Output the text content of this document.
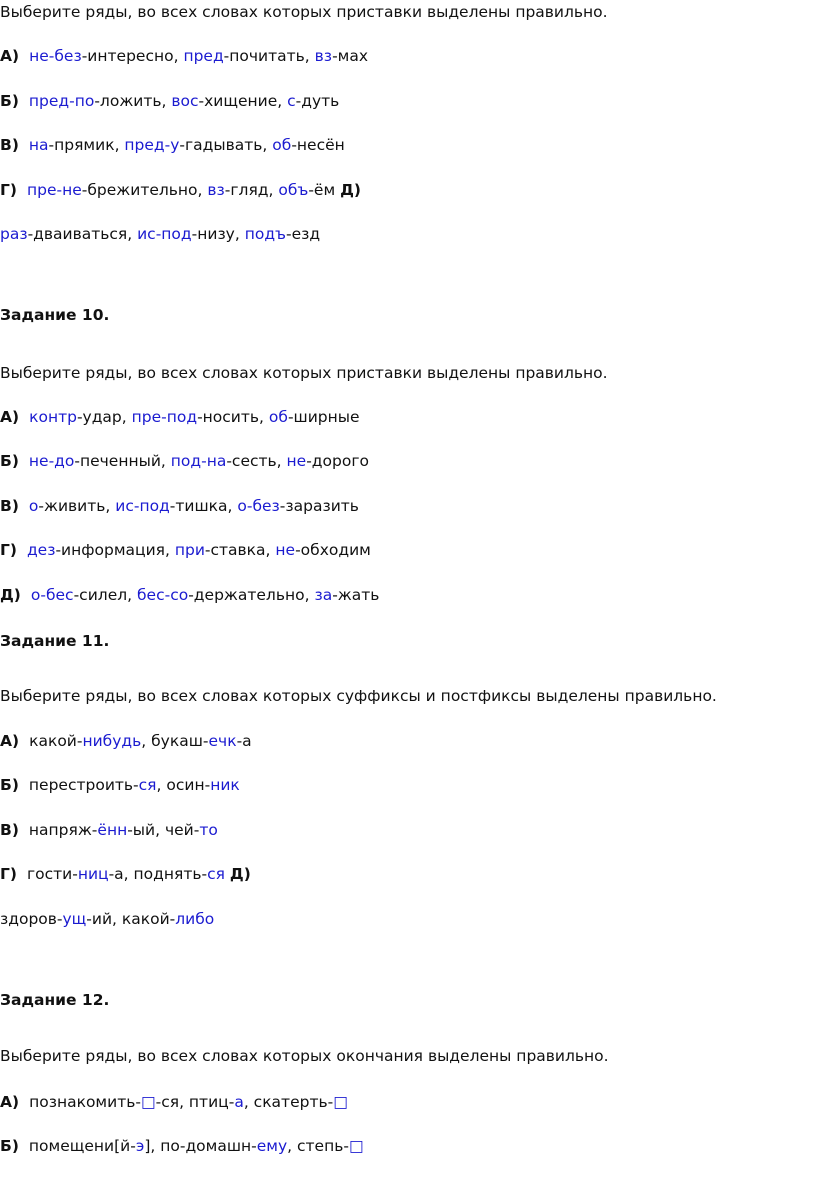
Выберите ряды, во всех словах которых приставки выделены правильно.
А) не-без-интересно, пред-почитать, вз-мах
Б) пред-по-ложить, вос-хищение, с-дуть
В) на-прямик, пред-у-гадывать, об-несён
Г) пре-не-брежительно, вз-гляд, объ-ём Д)
раз-дваиваться, ис-под-низу, подъ-езд
Задание 10.
Выберите ряды, во всех словах которых приставки выделены правильно.
А) контр-удар, пре-под-носить, об-ширные
Б) не-до-печенный, под-на-сесть, не-дорого
В) о-живить, ис-под-тишка, о-без-заразить
Г) дез-информация, при-ставка, не-обходим
Д) о-бес-силел, бес-со-держательно, за-жать
Задание 11.
Выберите ряды, во всех словах которых суффиксы и постфиксы выделены правильно.
А) какой-нибудь, букаш-ечк-а
Б) перестроить-ся, осин-ник
В) напряж-ённ-ый, чей-то
Г) гости-ниц-а, поднять-ся Д)
здоров-ущ-ий, какой-либо
Задание 12.
Выберите ряды, во всех словах которых окончания выделены правильно.
А) познакомить-□-ся, птиц-а, скатерть-□
Б) помещени[й-э], по-домашн-ему, степь-□
